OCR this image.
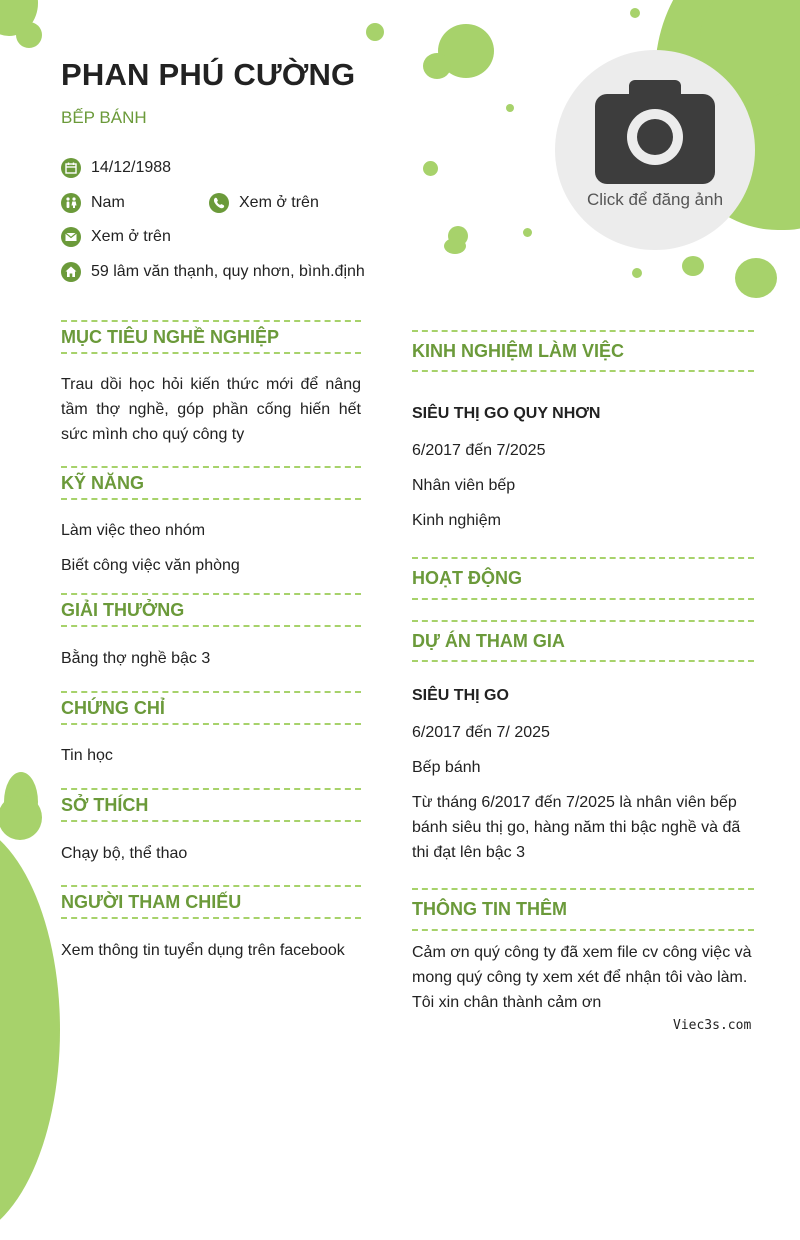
PHAN PHÚ CƯỜNG
BẾP BÁNH
14/12/1988
Nam	Xem ở trên
Xem ở trên
59 lâm văn thạnh, quy nhơn, bình.định
Click để đăng ảnh
MỤC TIÊU NGHỀ NGHIỆP
Trau dồi học hỏi kiến thức mới để nâng tầm thợ nghề, góp phần cống hiến hết sức mình cho quý công ty
KỸ NĂNG
Làm việc theo nhóm
Biết công việc văn phòng
GIẢI THƯỞNG
Bằng thợ nghề bậc 3
CHỨNG CHỈ
Tin học
SỞ THÍCH
Chạy bộ, thể thao
NGƯỜI THAM CHIẾU
Xem thông tin tuyển dụng trên facebook
KINH NGHIỆM LÀM VIỆC
SIÊU THỊ GO QUY NHƠN
6/2017 đến 7/2025
Nhân viên bếp
Kinh nghiệm
HOẠT ĐỘNG
DỰ ÁN THAM GIA
SIÊU THỊ GO
6/2017 đến 7/ 2025
Bếp bánh
Từ tháng 6/2017 đến 7/2025 là nhân viên bếp bánh siêu thị go, hàng năm thi bậc nghề và đã thi đạt lên bậc 3
THÔNG TIN THÊM
Cảm ơn quý công ty đã xem file cv công việc và mong quý công ty xem xét để nhận tôi vào làm. Tôi xin chân thành cảm ơn
Viec3s.com
